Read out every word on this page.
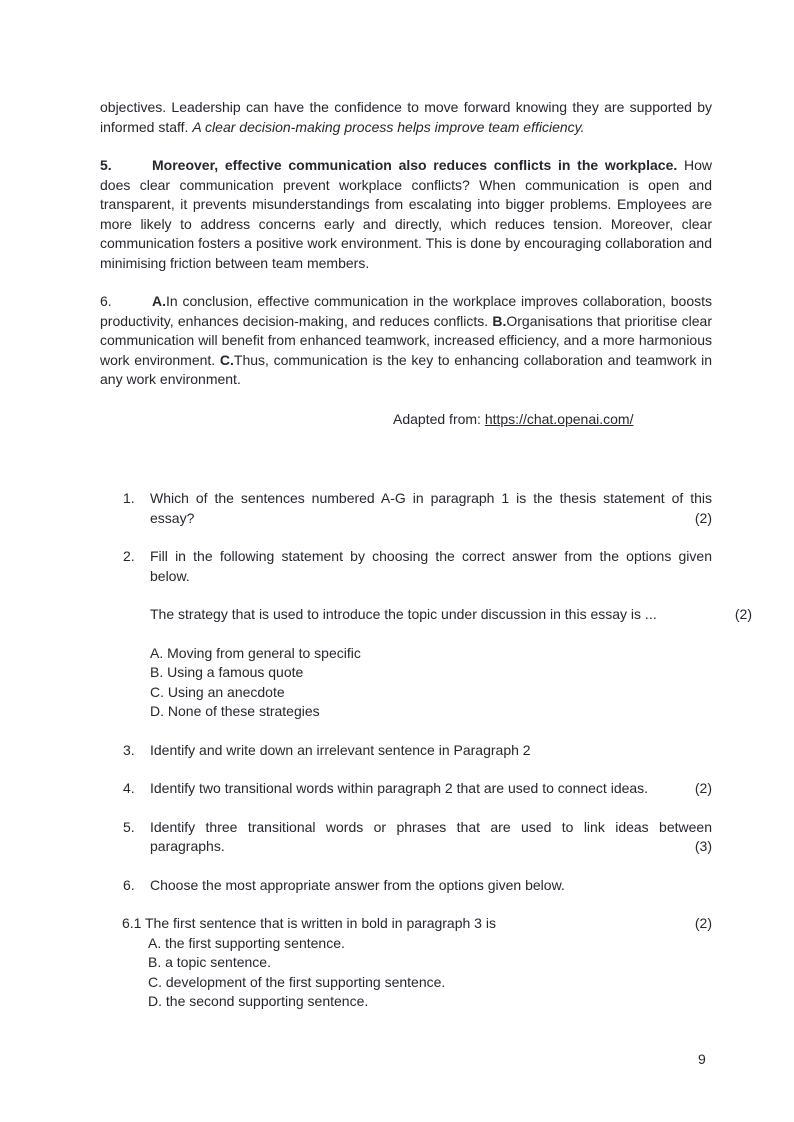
objectives. Leadership can have the confidence to move forward knowing they are supported by informed staff. A clear decision-making process helps improve team efficiency.

5.	Moreover, effective communication also reduces conflicts in the workplace. How does clear communication prevent workplace conflicts? When communication is open and transparent, it prevents misunderstandings from escalating into bigger problems. Employees are more likely to address concerns early and directly, which reduces tension. Moreover, clear communication fosters a positive work environment. This is done by encouraging collaboration and minimising friction between team members.

6.	A.In conclusion, effective communication in the workplace improves collaboration, boosts productivity, enhances decision-making, and reduces conflicts. B.Organisations that prioritise clear communication will benefit from enhanced teamwork, increased efficiency, and a more harmonious work environment. C.Thus, communication is the key to enhancing collaboration and teamwork in any work environment.

Adapted from: https://chat.openai.com/

1. Which of the sentences numbered A-G in paragraph 1 is the thesis statement of this essay?	(2)
2. Fill in the following statement by choosing the correct answer from the options given below.
The strategy that is used to introduce the topic under discussion in this essay is ...	(2)
A. Moving from general to specific
B. Using a famous quote
C. Using an anecdote
D. None of these strategies
3. Identify and write down an irrelevant sentence in Paragraph 2
4. Identify two transitional words within paragraph 2 that are used to connect ideas.	(2)
5. Identify three transitional words or phrases that are used to link ideas between paragraphs.	(3)
6. Choose the most appropriate answer from the options given below.
6.1 The first sentence that is written in bold in paragraph 3 is	(2)
A. the first supporting sentence.
B. a topic sentence.
C. development of the first supporting sentence.
D. the second supporting sentence.
9
